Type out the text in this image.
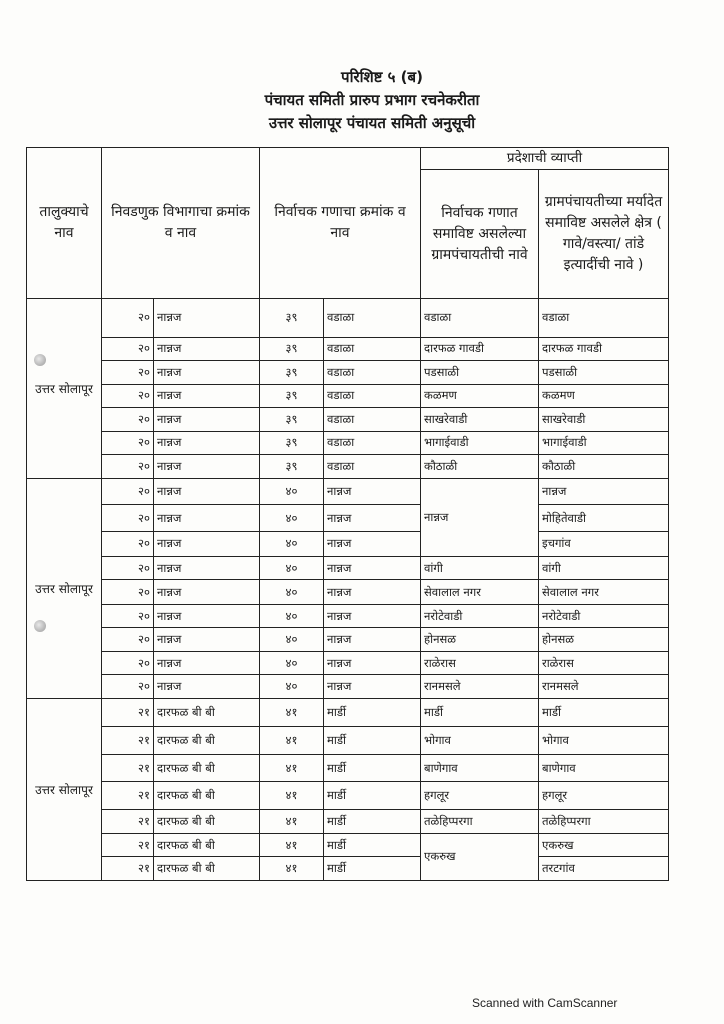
परिशिष्ट ५ (ब)
पंचायत समिती प्रारुप प्रभाग रचनेकरीता
उत्तर सोलापूर पंचायत समिती अनुसूची
तालुक्याचे नाव	निवडणुक विभागाचा क्रमांक व नाव		निर्वाचक गणाचा क्रमांक व नाव		प्रदेशाची व्याप्ती	
					निर्वाचक गणात समाविष्ट असलेल्या ग्रामपंचायतीची नावे	ग्रामपंचायतीच्या मर्यादेत समाविष्ट असलेले क्षेत्र ( गावे/वस्त्या/ तांडे इत्यादींची नावे )
उत्तर सोलापूर	२०	नान्नज	३९	वडाळा	वडाळा	वडाळा
	२०	नान्नज	३९	वडाळा	दारफळ गावडी	दारफळ गावडी
	२०	नान्नज	३९	वडाळा	पडसाळी	पडसाळी
	२०	नान्नज	३९	वडाळा	कळमण	कळमण
	२०	नान्नज	३९	वडाळा	साखरेवाडी	साखरेवाडी
	२०	नान्नज	३९	वडाळा	भागाईवाडी	भागाईवाडी
	२०	नान्नज	३९	वडाळा	कौठाळी	कौठाळी
उत्तर सोलापूर	२०	नान्नज	४०	नान्नज	नान्नज	नान्नज
	२०	नान्नज	४०	नान्नज		मोहितेवाडी
	२०	नान्नज	४०	नान्नज		इचगांव
	२०	नान्नज	४०	नान्नज	वांगी	वांगी
	२०	नान्नज	४०	नान्नज	सेवालाल नगर	सेवालाल नगर
	२०	नान्नज	४०	नान्नज	नरोटेवाडी	नरोटेवाडी
	२०	नान्नज	४०	नान्नज	होनसळ	होनसळ
	२०	नान्नज	४०	नान्नज	राळेरास	राळेरास
	२०	नान्नज	४०	नान्नज	रानमसले	रानमसले
उत्तर सोलापूर	२१	दारफळ बी बी	४१	मार्डी	मार्डी	मार्डी
	२१	दारफळ बी बी	४१	मार्डी	भोगाव	भोगाव
	२१	दारफळ बी बी	४१	मार्डी	बाणेगाव	बाणेगाव
	२१	दारफळ बी बी	४१	मार्डी	हगलूर	हगलूर
	२१	दारफळ बी बी	४१	मार्डी	तळेहिप्परगा	तळेहिप्परगा
	२१	दारफळ बी बी	४१	मार्डी	एकरुख	एकरुख
	२१	दारफळ बी बी	४१	मार्डी		तरटगांव
Scanned with CamScanner
